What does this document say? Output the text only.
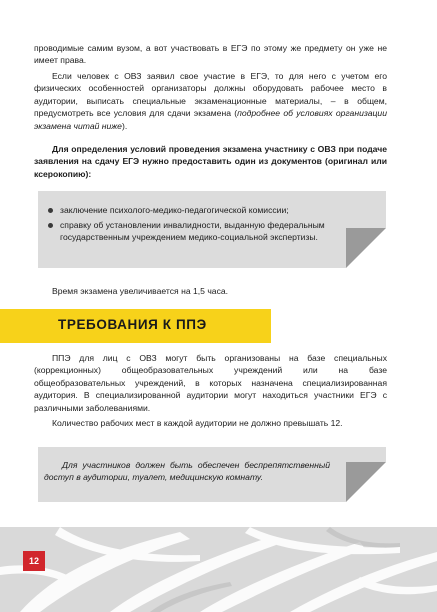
проводимые самим вузом, а вот участвовать в ЕГЭ по этому же предмету он уже не имеет права.

Если человек с ОВЗ заявил свое участие в ЕГЭ, то для него с учетом его физических особенностей организаторы должны оборудовать рабочее место в аудитории, выписать специальные экзаменационные материалы, – в общем, предусмотреть все условия для сдачи экзамена (подробнее об условиях организации экзамена читай ниже).

Для определения условий проведения экзамена участнику с ОВЗ при подаче заявления на сдачу ЕГЭ нужно предоставить один из документов (оригинал или ксерокопию):

заключение психолого-медико-педагогической комиссии;
справку об установлении инвалидности, выданную федеральным государственным учреждением медико-социальной экспертизы.

Время экзамена увеличивается на 1,5 часа.

ТРЕБОВАНИЯ К ППЭ

ППЭ для лиц с ОВЗ могут быть организованы на базе специальных (коррекционных) общеобразовательных учреждений или на базе общеобразовательных учреждений, в которых назначена специализированная аудитория. В специализированной аудитории могут находиться участники ЕГЭ с различными заболеваниями.

Количество рабочих мест в каждой аудитории не должно превышать 12.

Для участников должен быть обеспечен беспрепятственный доступ в аудитории, туалет, медицинскую комнату.

12
